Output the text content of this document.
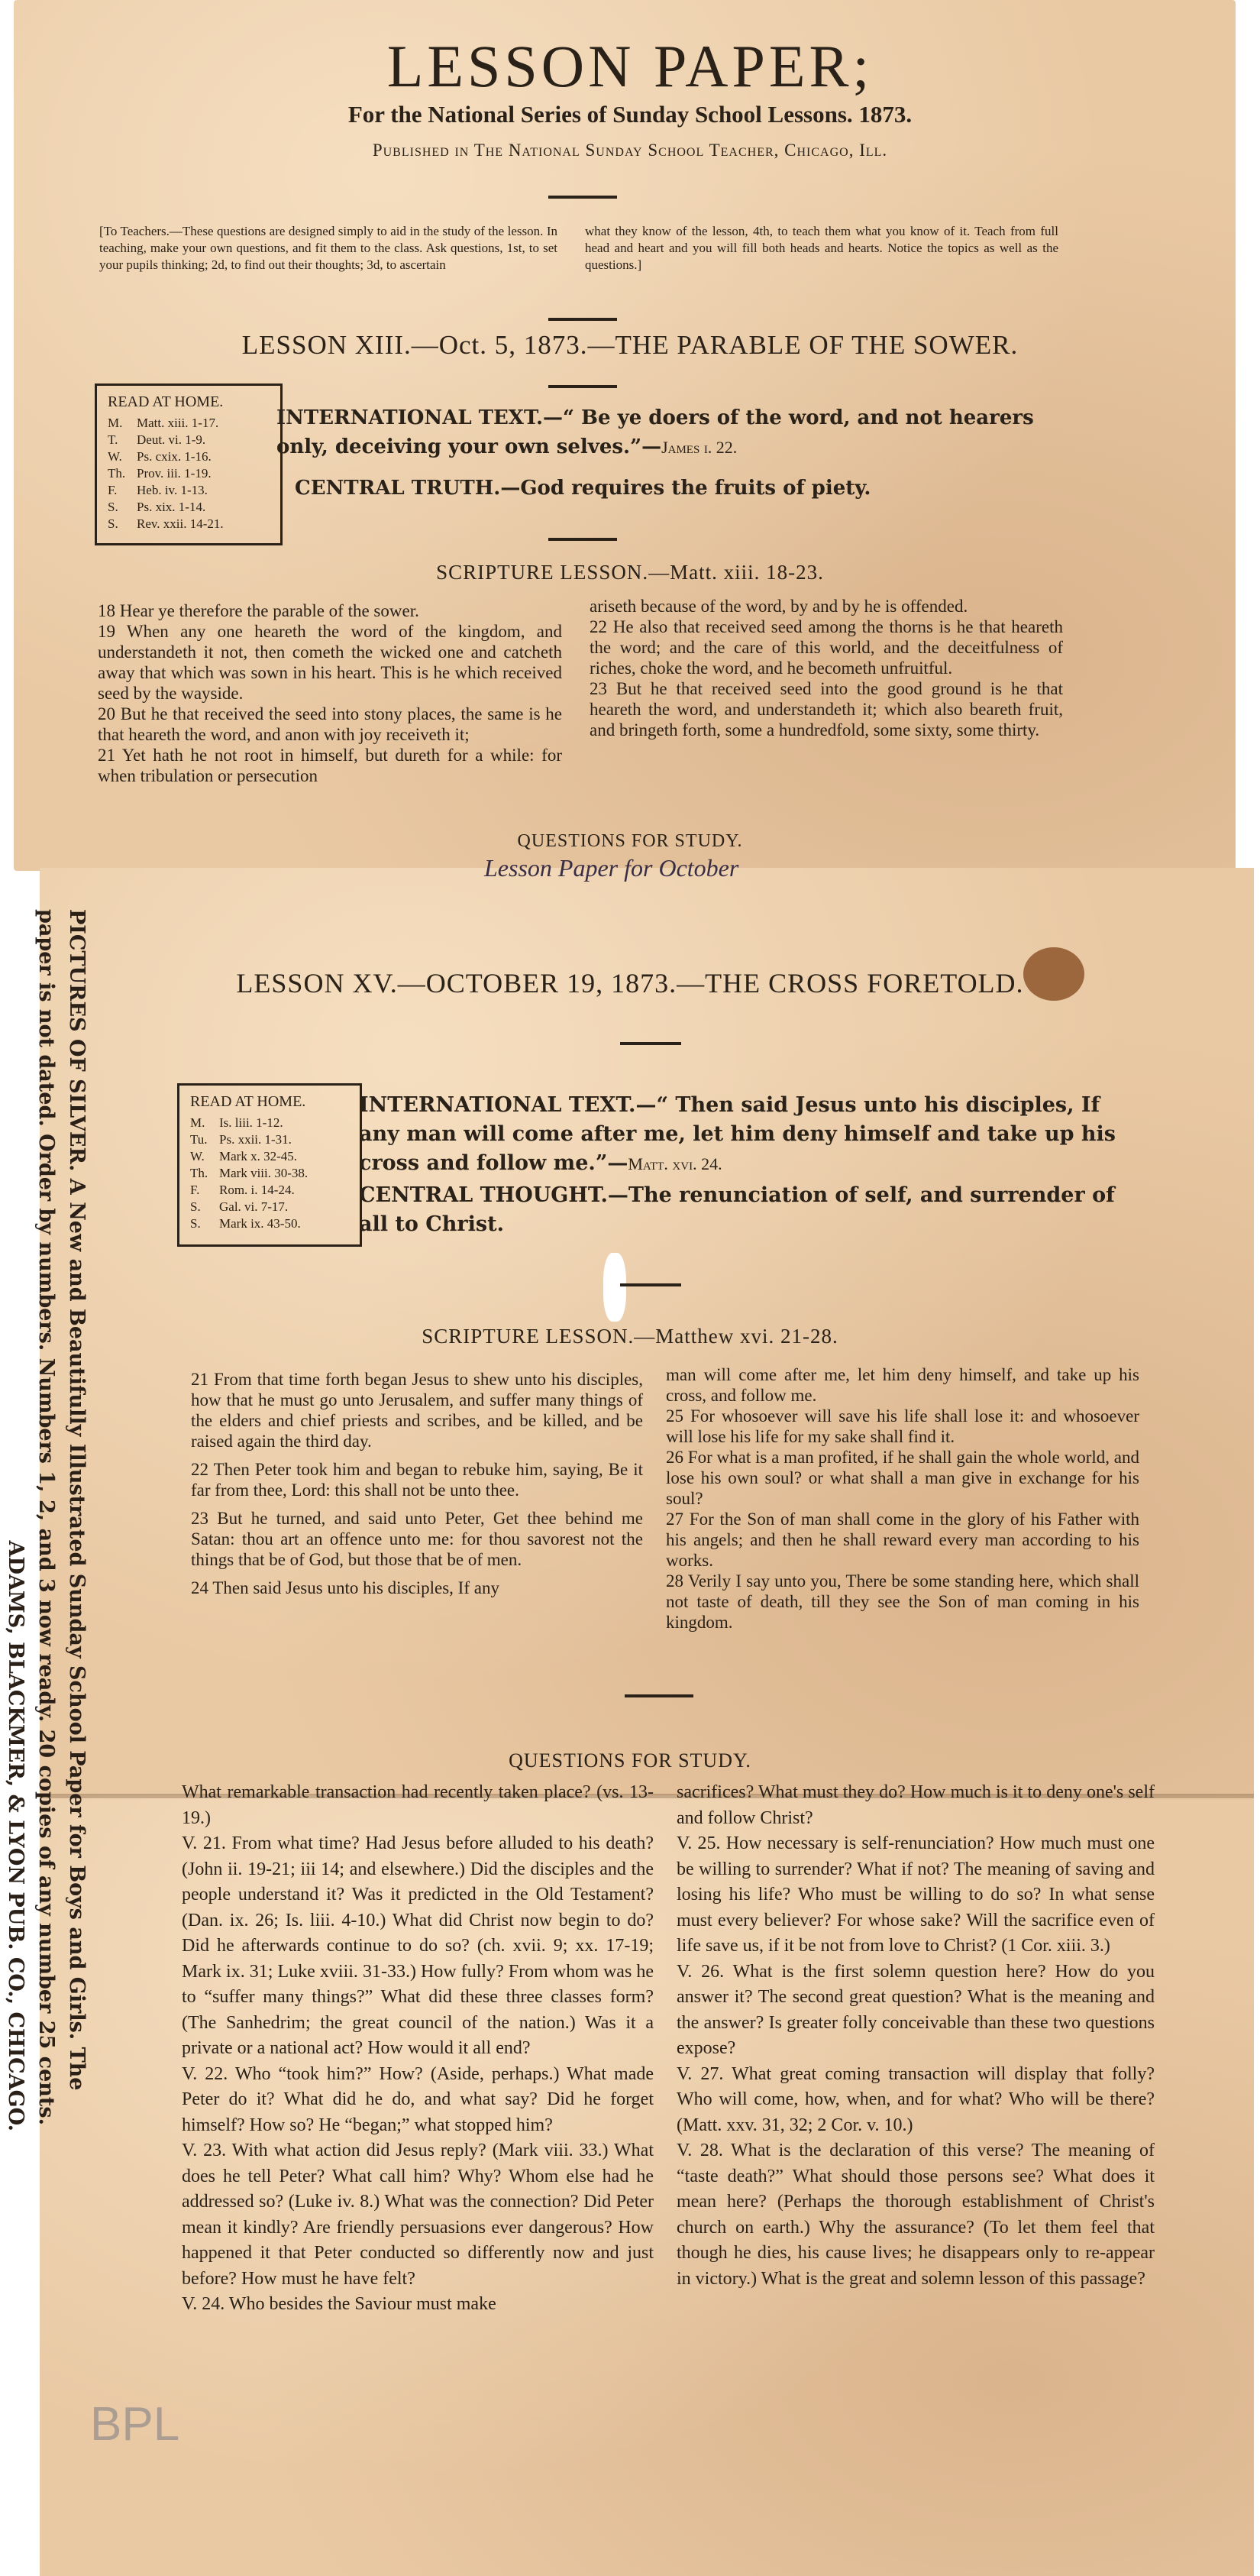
LESSON PAPER;
For the National Series of Sunday School Lessons. 1873.
Published in The National Sunday School Teacher, Chicago, Ill.
[To Teachers.—These questions are designed simply to aid in the study of the lesson. In teaching, make your own questions, and fit them to the class. Ask questions, 1st, to set your pupils thinking; 2d, to find out their thoughts; 3d, to ascertain
what they know of the lesson, 4th, to teach them what you know of it. Teach from full head and heart and you will fill both heads and hearts. Notice the topics as well as the questions.]
LESSON XIII.—Oct. 5, 1873.—THE PARABLE OF THE SOWER.
READ AT HOME.
M. Matt. xiii. 1-17.
T. Deut. vi. 1-9.
W. Ps. cxix. 1-16.
Th. Prov. iii. 1-19.
F. Heb. iv. 1-13.
S. Ps. xix. 1-14.
S. Rev. xxii. 14-21.
INTERNATIONAL TEXT.—“ Be ye doers of the word, and not hearers only, deceiving your own selves.”—James i. 22.
CENTRAL TRUTH.—God requires the fruits of piety.
SCRIPTURE LESSON.—Matt. xiii. 18-23.
18 Hear ye therefore the parable of the sower.
19 When any one heareth the word of the kingdom, and understandeth it not, then cometh the wicked one and catcheth away that which was sown in his heart. This is he which received seed by the wayside.
20 But he that received the seed into stony places, the same is he that heareth the word, and anon with joy receiveth it;
21 Yet hath he not root in himself, but dureth for a while: for when tribulation or persecution
ariseth because of the word, by and by he is offended.
22 He also that received seed among the thorns is he that heareth the word; and the care of this world, and the deceitfulness of riches, choke the word, and he becometh unfruitful.
23 But he that received seed into the good ground is he that heareth the word, and understandeth it; which also beareth fruit, and bringeth forth, some a hundredfold, some sixty, some thirty.
QUESTIONS FOR STUDY.
Lesson Paper for October
LESSON XV.—OCTOBER 19, 1873.—THE CROSS FORETOLD.
READ AT HOME.
M. Is. liii. 1-12.
Tu. Ps. xxii. 1-31.
W. Mark x. 32-45.
Th. Mark viii. 30-38.
F. Rom. i. 14-24.
S. Gal. vi. 7-17.
S. Mark ix. 43-50.
INTERNATIONAL TEXT.—“ Then said Jesus unto his disciples, If any man will come after me, let him deny himself and take up his cross and follow me.”—Matt. xvi. 24.
CENTRAL THOUGHT.—The renunciation of self, and surrender of all to Christ.
SCRIPTURE LESSON.—Matthew xvi. 21-28.
21 From that time forth began Jesus to shew unto his disciples, how that he must go unto Jerusalem, and suffer many things of the elders and chief priests and scribes, and be killed, and be raised again the third day.
22 Then Peter took him and began to rebuke him, saying, Be it far from thee, Lord: this shall not be unto thee.
23 But he turned, and said unto Peter, Get thee behind me Satan: thou art an offence unto me: for thou savorest not the things that be of God, but those that be of men.
24 Then said Jesus unto his disciples, If any
man will come after me, let him deny himself, and take up his cross, and follow me.
25 For whosoever will save his life shall lose it: and whosoever will lose his life for my sake shall find it.
26 For what is a man profited, if he shall gain the whole world, and lose his own soul? or what shall a man give in exchange for his soul?
27 For the Son of man shall come in the glory of his Father with his angels; and then he shall reward every man according to his works.
28 Verily I say unto you, There be some standing here, which shall not taste of death, till they see the Son of man coming in his kingdom.
QUESTIONS FOR STUDY.
What remarkable transaction had recently taken place? (vs. 13-19.)
V. 21. From what time? Had Jesus before alluded to his death? (John ii. 19-21; iii 14; and elsewhere.) Did the disciples and the people understand it? Was it predicted in the Old Testament? (Dan. ix. 26; Is. liii. 4-10.) What did Christ now begin to do? Did he afterwards continue to do so? (ch. xvii. 9; xx. 17-19; Mark ix. 31; Luke xviii. 31-33.) How fully? From whom was he to “suffer many things?” What did these three classes form? (The Sanhedrim; the great council of the nation.) Was it a private or a national act? How would it all end?
V. 22. Who “took him?” How? (Aside, perhaps.) What made Peter do it? What did he do, and what say? Did he forget himself? How so? He “began;” what stopped him?
V. 23. With what action did Jesus reply? (Mark viii. 33.) What does he tell Peter? What call him? Why? Whom else had he addressed so? (Luke iv. 8.) What was the connection? Did Peter mean it kindly? Are friendly persuasions ever dangerous? How happened it that Peter conducted so differently now and just before? How must he have felt?
V. 24. Who besides the Saviour must make
sacrifices? What must they do? How much is it to deny one's self and follow Christ?
V. 25. How necessary is self-renunciation? How much must one be willing to surrender? What if not? The meaning of saving and losing his life? Who must be willing to do so? In what sense must every believer? For whose sake? Will the sacrifice even of life save us, if it be not from love to Christ? (1 Cor. xiii. 3.)
V. 26. What is the first solemn question here? How do you answer it? The second great question? What is the meaning and the answer? Is greater folly conceivable than these two questions expose?
V. 27. What great coming transaction will display that folly? Who will come, how, when, and for what? Who will be there? (Matt. xxv. 31, 32; 2 Cor. v. 10.)
V. 28. What is the declaration of this verse? The meaning of “taste death?” What should those persons see? What does it mean here? (Perhaps the thorough establishment of Christ's church on earth.) Why the assurance? (To let them feel that though he dies, his cause lives; he disappears only to re-appear in victory.) What is the great and solemn lesson of this passage?
PICTURES OF SILVER. A New and Beautifully Illustrated Sunday School Paper for Boys and Girls. The
paper is not dated. Order by numbers. Numbers 1, 2, and 3 now ready. 20 copies of any number 25 cents.
ADAMS, BLACKMER, & LYON PUB. CO., CHICAGO.
BPL
